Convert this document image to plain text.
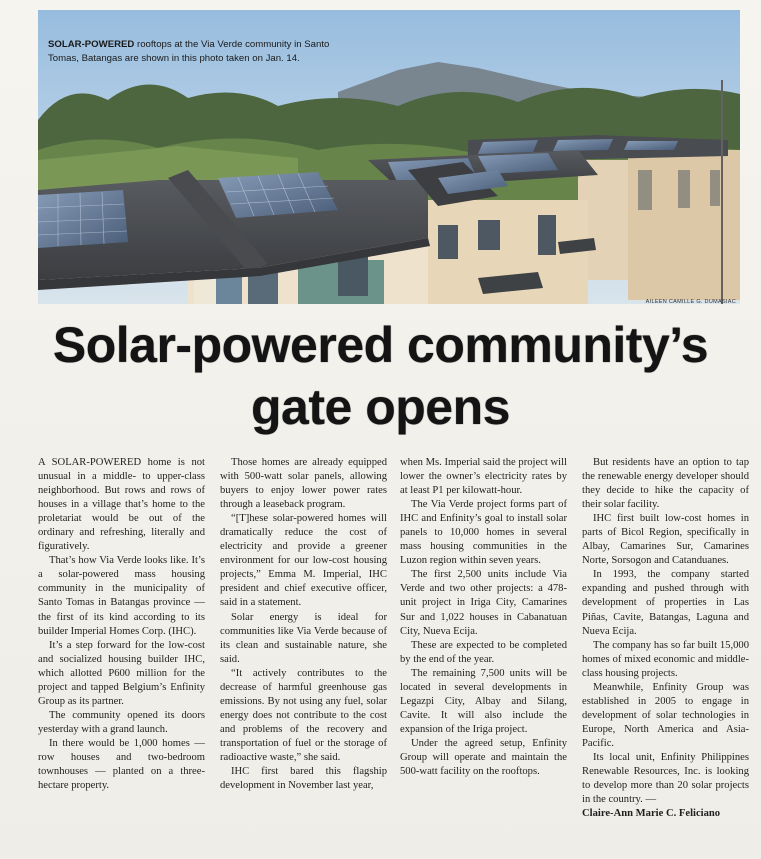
SOLAR-POWERED rooftops at the Via Verde community in Santo Tomas, Batangas are shown in this photo taken on Jan. 14.
AILEEN CAMILLE G. DUMASIAC
Solar-powered community’s
gate opens

A SOLAR-POWERED home is not unusual in a middle- to upper-class neighborhood. But rows and rows of houses in a village that’s home to the proletariat would be out of the ordinary and refreshing, literally and figuratively.

That’s how Via Verde looks like. It’s a solar-powered mass housing community in the municipality of Santo Tomas in Batangas province — the first of its kind according to its builder Imperial Homes Corp. (IHC).

It’s a step forward for the low-cost and socialized housing builder IHC, which allotted P600 million for the project and tapped Belgium’s Enfinity Group as its partner.

The community opened its doors yesterday with a grand launch.

In there would be 1,000 homes — row houses and two-bedroom townhouses — planted on a three-hectare property.

Those homes are already equipped with 500-watt solar panels, allowing buyers to enjoy lower power rates through a leaseback program.

“[T]hese solar-powered homes will dramatically reduce the cost of electricity and provide a greener environment for our low-cost housing projects,” Emma M. Imperial, IHC president and chief executive officer, said in a statement.

Solar energy is ideal for communities like Via Verde because of its clean and sustainable nature, she said.

“It actively contributes to the decrease of harmful greenhouse gas emissions. By not using any fuel, solar energy does not contribute to the cost and problems of the recovery and transportation of fuel or the storage of radioactive waste,” she said.

IHC first bared this flagship development in November last year,

when Ms. Imperial said the project will lower the owner’s electricity rates by at least P1 per kilowatt-hour.

The Via Verde project forms part of IHC and Enfinity’s goal to install solar panels to 10,000 homes in several mass housing communities in the Luzon region within seven years.

The first 2,500 units include Via Verde and two other projects: a 478-unit project in Iriga City, Camarines Sur and 1,022 houses in Cabanatuan City, Nueva Ecija.

These are expected to be completed by the end of the year.

The remaining 7,500 units will be located in several developments in Legazpi City, Albay and Silang, Cavite. It will also include the expansion of the Iriga project.

Under the agreed setup, Enfinity Group will operate and maintain the 500-watt facility on the rooftops.

But residents have an option to tap the renewable energy developer should they decide to hike the capacity of their solar facility.

IHC first built low-cost homes in parts of Bicol Region, specifically in Albay, Camarines Sur, Camarines Norte, Sorsogon and Catanduanes.

In 1993, the company started expanding and pushed through with development of properties in Las Piñas, Cavite, Batangas, Laguna and Nueva Ecija.

The company has so far built 15,000 homes of mixed economic and middle-class housing projects.

Meanwhile, Enfinity Group was established in 2005 to engage in development of solar technologies in Europe, North America and Asia-Pacific.

Its local unit, Enfinity Philippines Renewable Resources, Inc. is looking to develop more than 20 solar projects in the country. —

Claire-Ann Marie C. Feliciano
